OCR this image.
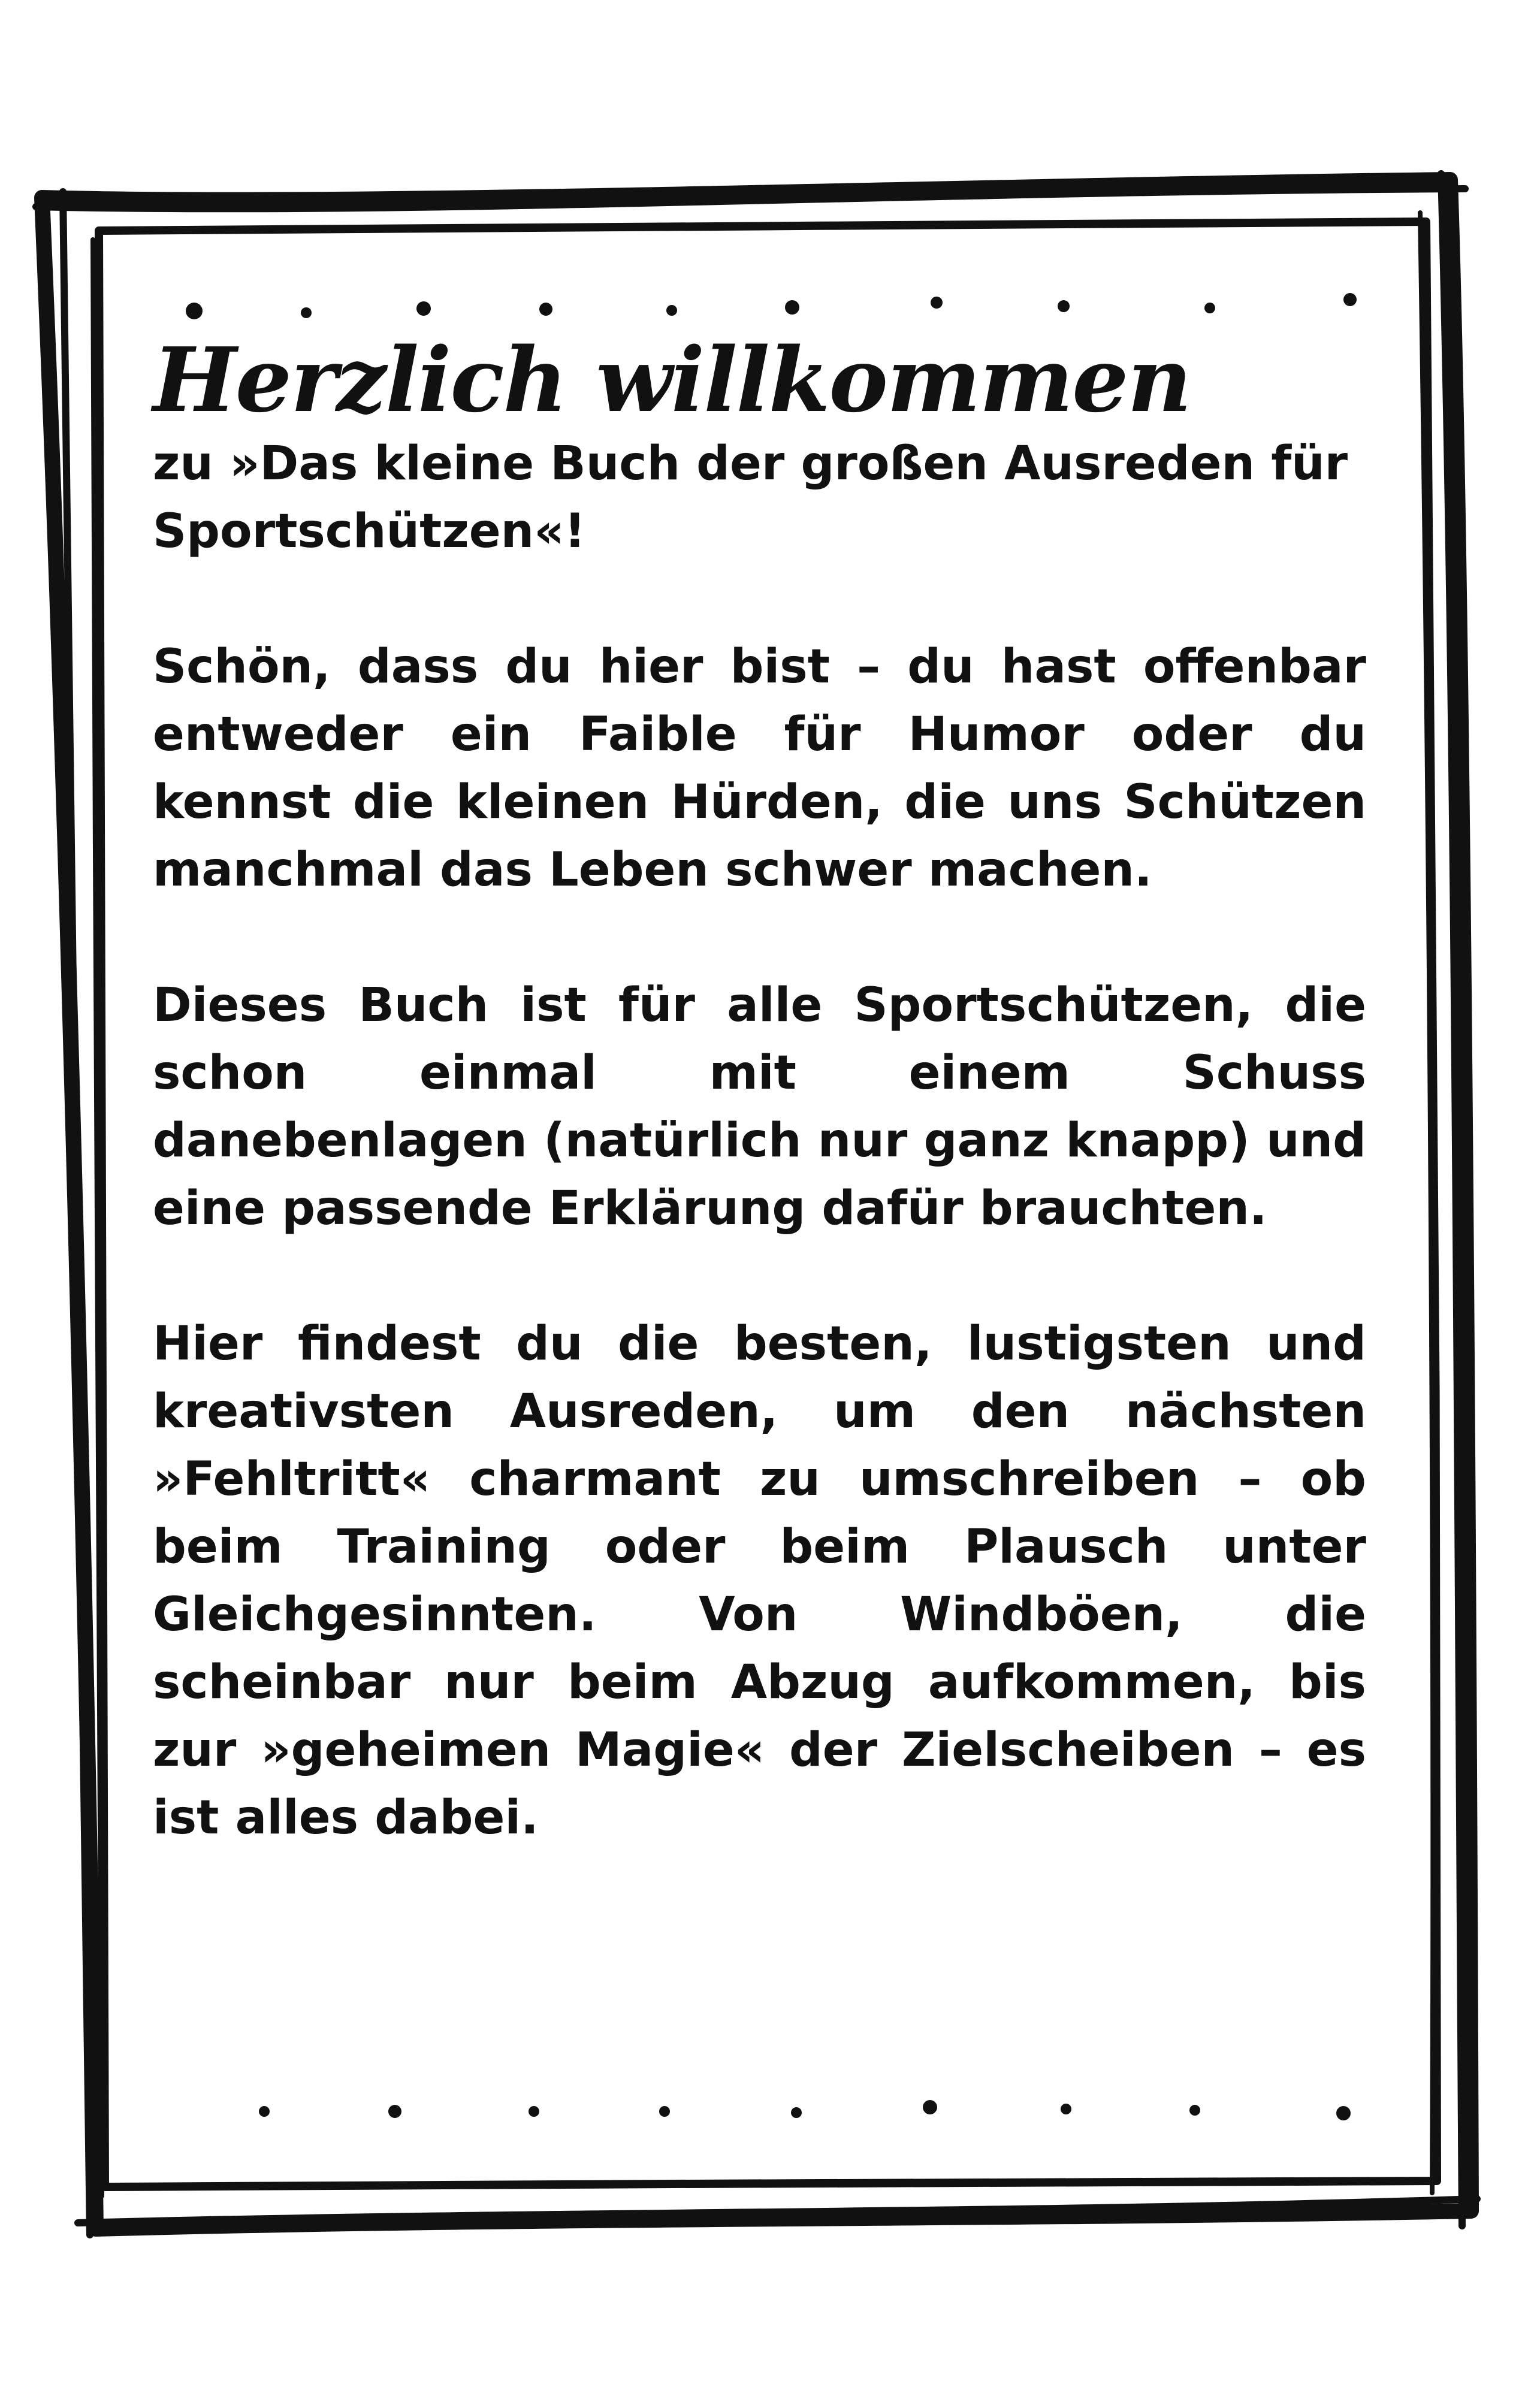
Herzlich willkommen

zu »Das kleine Buch der großen Ausreden für Sportschützen«!

Schön, dass du hier bist – du hast offenbar entweder ein Faible für Humor oder du kennst die kleinen Hürden, die uns Schützen manchmal das Leben schwer machen.

Dieses Buch ist für alle Sportschützen, die schon einmal mit einem Schuss danebenlagen (natürlich nur ganz knapp) und eine passende Erklärung dafür brauchten.

Hier findest du die besten, lustigsten und kreativsten Ausreden, um den nächsten »Fehltritt« charmant zu umschreiben – ob beim Training oder beim Plausch unter Gleichgesinnten. Von Windböen, die scheinbar nur beim Abzug aufkommen, bis zur »geheimen Magie« der Zielscheiben – es ist alles dabei.
